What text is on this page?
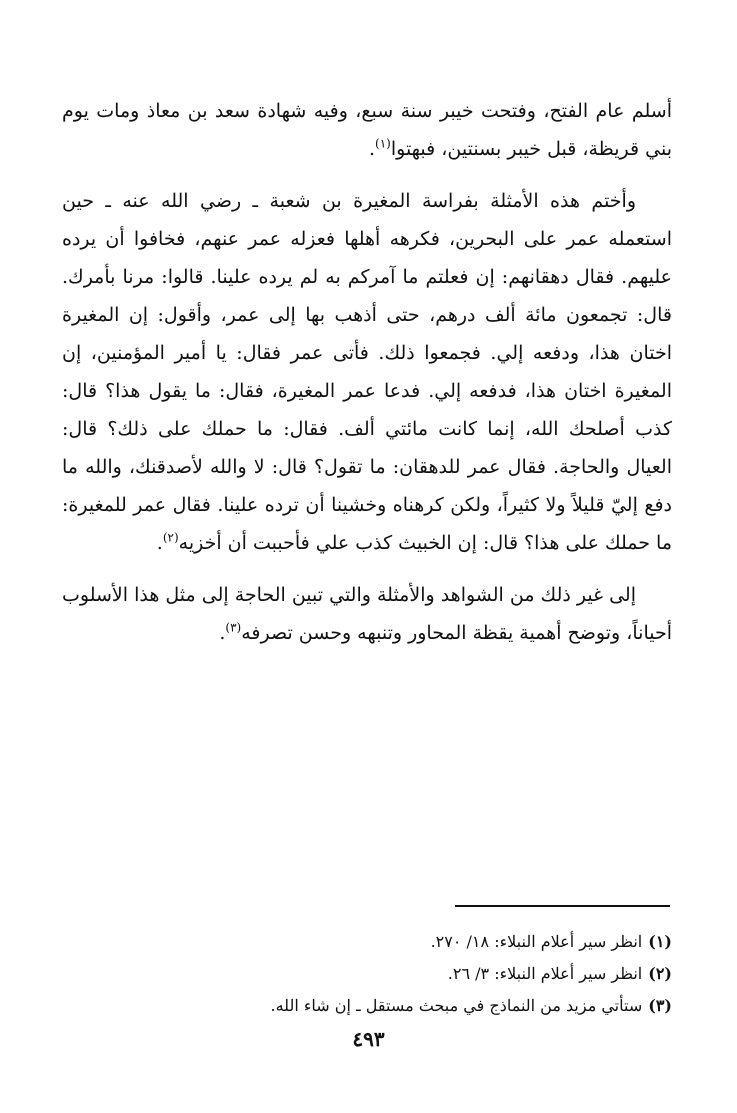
أسلم عام الفتح، وفتحت خيبر سنة سبع، وفيه شهادة سعد بن معاذ ومات يوم بني قريظة، قبل خيبر بسنتين، فبهتوا$^{(١)}$.

وأختم هذه الأمثلة بفراسة المغيرة بن شعبة ـ رضي الله عنه ـ حين استعمله عمر على البحرين، فكرهه أهلها فعزله عمر عنهم، فخافوا أن يرده عليهم. فقال دهقانهم: إن فعلتم ما آمركم به لم يرده علينا. قالوا: مرنا بأمرك. قال: تجمعون مائة ألف درهم، حتى أذهب بها إلى عمر، وأقول: إن المغيرة اختان هذا، ودفعه إلي. فجمعوا ذلك. فأتى عمر فقال: يا أمير المؤمنين، إن المغيرة اختان هذا، فدفعه إلي. فدعا عمر المغيرة، فقال: ما يقول هذا؟ قال: كذب أصلحك الله، إنما كانت مائتي ألف. فقال: ما حملك على ذلك؟ قال: العيال والحاجة. فقال عمر للدهقان: ما تقول؟ قال: لا والله لأصدقنك، والله ما دفع إليّ قليلاً ولا كثيراً، ولكن كرهناه وخشينا أن ترده علينا. فقال عمر للمغيرة: ما حملك على هذا؟ قال: إن الخبيث كذب علي فأحببت أن أخزيه$^{(٢)}$.

إلى غير ذلك من الشواهد والأمثلة والتي تبين الحاجة إلى مثل هذا الأسلوب أحياناً، وتوضح أهمية يقظة المحاور وتنبهه وحسن تصرفه$^{(٣)}$.

(١)انظر سير أعلام النبلاء: ١٨/ ٢٧٠.

(٢)انظر سير أعلام النبلاء: ٣/ ٢٦.

(٣)ستأتي مزيد من النماذج في مبحث مستقل ـ إن شاء الله.

٤٩٣
